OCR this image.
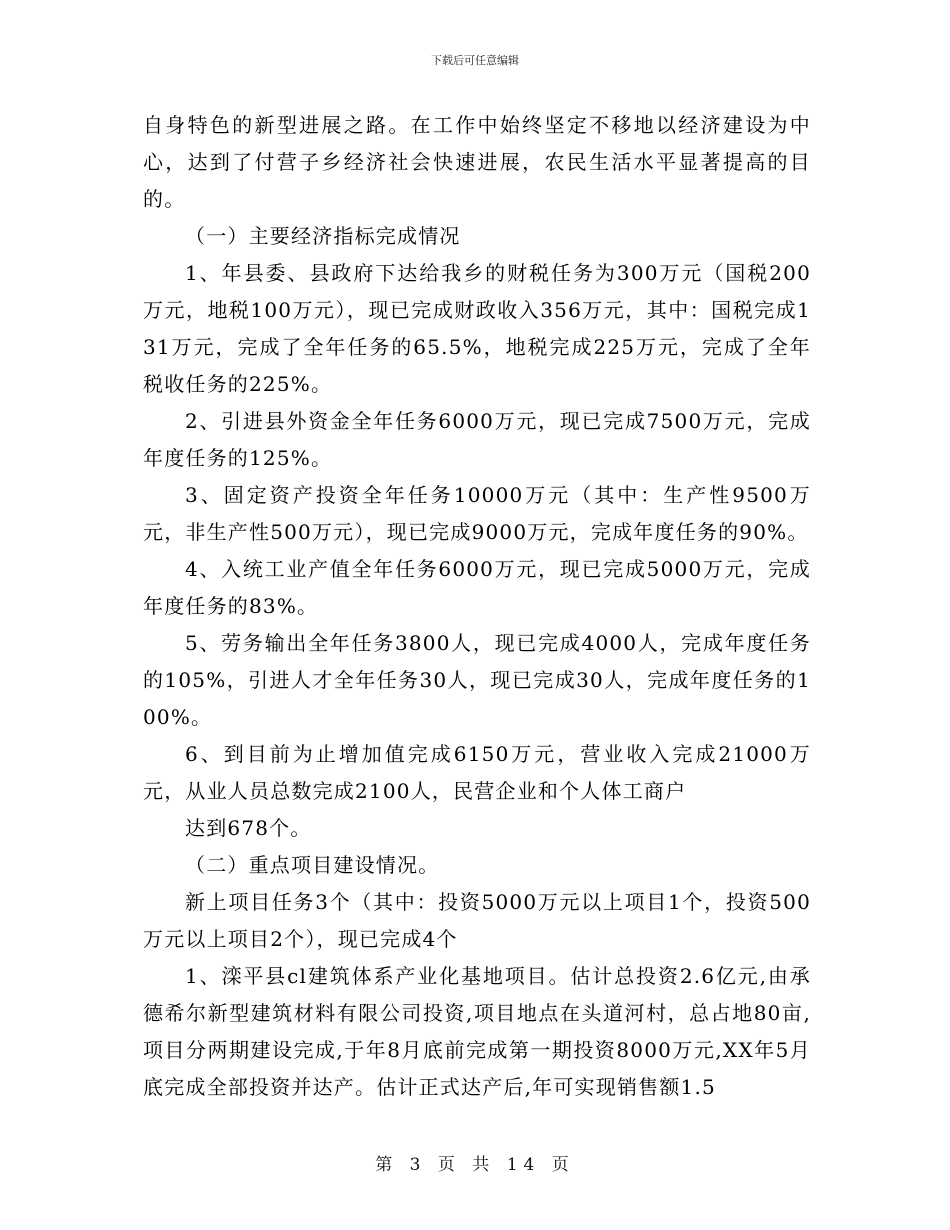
下载后可任意编辑

自身特色的新型进展之路。在工作中始终坚定不移地以经济建设为中心，达到了付营子乡经济社会快速进展，农民生活水平显著提高的目的。

（一）主要经济指标完成情况

1、年县委、县政府下达给我乡的财税任务为300万元（国税200万元，地税100万元），现已完成财政收入356万元，其中：国税完成131万元，完成了全年任务的65.5%，地税完成225万元，完成了全年税收任务的225%。

2、引进县外资金全年任务6000万元，现已完成7500万元，完成年度任务的125%。

3、固定资产投资全年任务10000万元（其中：生产性9500万元，非生产性500万元），现已完成9000万元，完成年度任务的90%。

4、入统工业产值全年任务6000万元，现已完成5000万元，完成年度任务的83%。

5、劳务输出全年任务3800人，现已完成4000人，完成年度任务的105%，引进人才全年任务30人，现已完成30人，完成年度任务的100%。

6、到目前为止增加值完成6150万元，营业收入完成21000万元，从业人员总数完成2100人，民营企业和个人体工商户

达到678个。

（二）重点项目建设情况。

新上项目任务3个（其中：投资5000万元以上项目1个，投资500万元以上项目2个），现已完成4个

1、滦平县cl建筑体系产业化基地项目。估计总投资2.6亿元,由承德希尔新型建筑材料有限公司投资,项目地点在头道河村，总占地80亩,项目分两期建设完成,于年8月底前完成第一期投资8000万元,XX年5月底完成全部投资并达产。估计正式达产后,年可实现销售额1.5

第 3 页 共 14 页
